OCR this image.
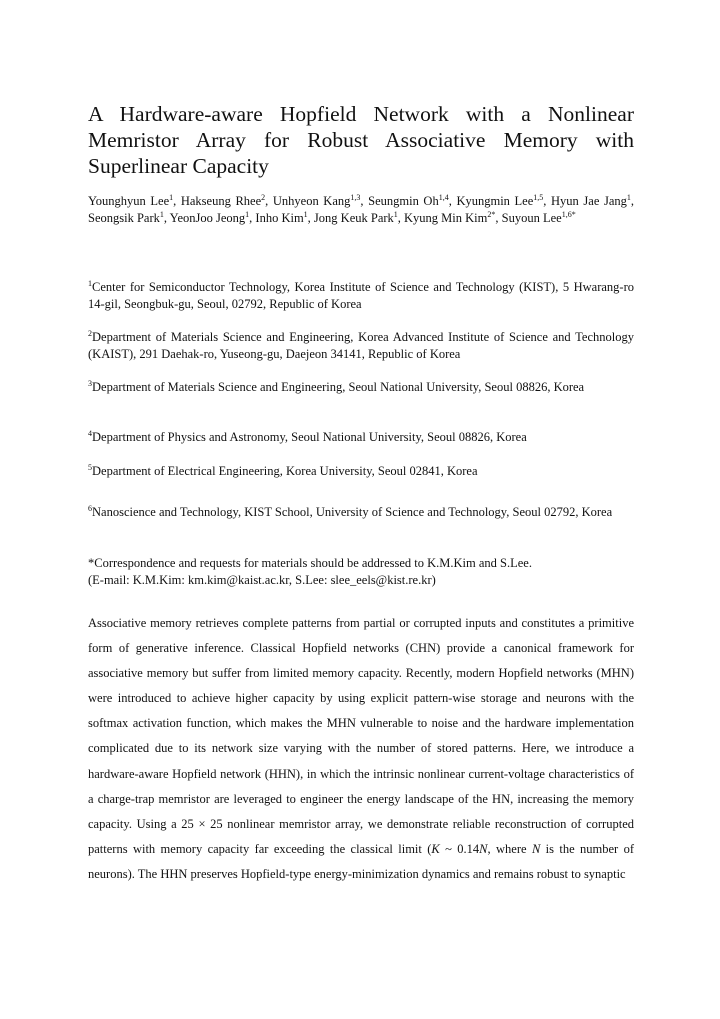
A Hardware-aware Hopfield Network with a Nonlinear Memristor Array for Robust Associative Memory with Superlinear Capacity
Younghyun Lee$^1$, Hakseung Rhee$^2$, Unhyeon Kang$^{1,3}$, Seungmin Oh$^{1,4}$, Kyungmin Lee$^{1,5}$, Hyun Jae Jang$^1$, Seongsik Park$^1$, YeonJoo Jeong$^1$, Inho Kim$^1$, Jong Keuk Park$^1$, Kyung Min Kim$^{2*}$, Suyoun Lee$^{1,6*}$
$^1$Center for Semiconductor Technology, Korea Institute of Science and Technology (KIST), 5 Hwarang-ro 14-gil, Seongbuk-gu, Seoul, 02792, Republic of Korea
$^2$Department of Materials Science and Engineering, Korea Advanced Institute of Science and Technology (KAIST), 291 Daehak-ro, Yuseong-gu, Daejeon 34141, Republic of Korea
$^3$Department of Materials Science and Engineering, Seoul National University, Seoul 08826, Korea
$^4$Department of Physics and Astronomy, Seoul National University, Seoul 08826, Korea
$^5$Department of Electrical Engineering, Korea University, Seoul 02841, Korea
$^6$Nanoscience and Technology, KIST School, University of Science and Technology, Seoul 02792, Korea
*Correspondence and requests for materials should be addressed to K.M.Kim and S.Lee.
(E-mail: K.M.Kim: km.kim@kaist.ac.kr, S.Lee: slee_eels@kist.re.kr)
Associative memory retrieves complete patterns from partial or corrupted inputs and constitutes a primitive form of generative inference. Classical Hopfield networks (CHN) provide a canonical framework for associative memory but suffer from limited memory capacity. Recently, modern Hopfield networks (MHN) were introduced to achieve higher capacity by using explicit pattern-wise storage and neurons with the softmax activation function, which makes the MHN vulnerable to noise and the hardware implementation complicated due to its network size varying with the number of stored patterns. Here, we introduce a hardware-aware Hopfield network (HHN), in which the intrinsic nonlinear current-voltage characteristics of a charge-trap memristor are leveraged to engineer the energy landscape of the HN, increasing the memory capacity. Using a 25 × 25 nonlinear memristor array, we demonstrate reliable reconstruction of corrupted patterns with memory capacity far exceeding the classical limit (K ~ 0.14N, where N is the number of neurons). The HHN preserves Hopfield-type energy-minimization dynamics and remains robust to synaptic
